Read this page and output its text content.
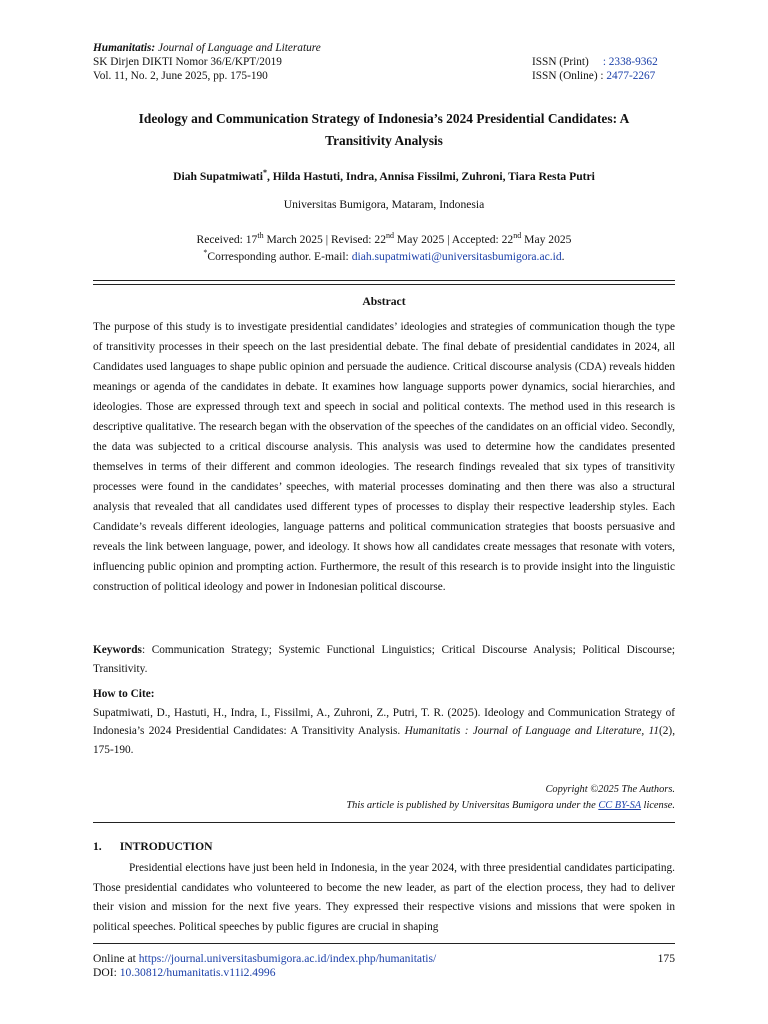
Humanitatis: Journal of Language and Literature
SK Dirjen DIKTI Nomor 36/E/KPT/2019
Vol. 11, No. 2, June 2025, pp. 175-190
ISSN (Print) : 2338-9362
ISSN (Online) : 2477-2267
Ideology and Communication Strategy of Indonesia’s 2024 Presidential Candidates: A
Transitivity Analysis
Diah Supatmiwati*, Hilda Hastuti, Indra, Annisa Fissilmi, Zuhroni, Tiara Resta Putri
Universitas Bumigora, Mataram, Indonesia
Received: 17th March 2025 | Revised: 22nd May 2025 | Accepted: 22nd May 2025
*Corresponding author. E-mail: diah.supatmiwati@universitasbumigora.ac.id.
Abstract
The purpose of this study is to investigate presidential candidates’ ideologies and strategies of communication though the type of transitivity processes in their speech on the last presidential debate. The final debate of presidential candidates in 2024, all Candidates used languages to shape public opinion and persuade the audience. Critical discourse analysis (CDA) reveals hidden meanings or agenda of the candidates in debate. It examines how language supports power dynamics, social hierarchies, and ideologies. Those are expressed through text and speech in social and political contexts. The method used in this research is descriptive qualitative. The research began with the observation of the speeches of the candidates on an official video. Secondly, the data was subjected to a critical discourse analysis. This analysis was used to determine how the candidates presented themselves in terms of their different and common ideologies. The research findings revealed that six types of transitivity processes were found in the candidates’ speeches, with material processes dominating and then there was also a structural analysis that revealed that all candidates used different types of processes to display their respective leadership styles. Each Candidate’s reveals different ideologies, language patterns and political communication strategies that boosts persuasive and reveals the link between language, power, and ideology. It shows how all candidates create messages that resonate with voters, influencing public opinion and prompting action. Furthermore, the result of this research is to provide insight into the linguistic construction of political ideology and power in Indonesian political discourse.
Keywords: Communication Strategy; Systemic Functional Linguistics; Critical Discourse Analysis; Political Discourse; Transitivity.
How to Cite:
Supatmiwati, D., Hastuti, H., Indra, I., Fissilmi, A., Zuhroni, Z., Putri, T. R. (2025). Ideology and Communication Strategy of Indonesia’s 2024 Presidential Candidates: A Transitivity Analysis. Humanitatis : Journal of Language and Literature, 11(2), 175-190.
Copyright ©2025 The Authors.
This article is published by Universitas Bumigora under the CC BY-SA license.
1. INTRODUCTION
Presidential elections have just been held in Indonesia, in the year 2024, with three presidential candidates participating. Those presidential candidates who volunteered to become the new leader, as part of the election process, they had to deliver their vision and mission for the next five years. They expressed their respective visions and missions that were spoken in political speeches. Political speeches by public figures are crucial in shaping
Online at https://journal.universitasbumigora.ac.id/index.php/humanitatis/
DOI: 10.30812/humanitatis.v11i2.4996
175
